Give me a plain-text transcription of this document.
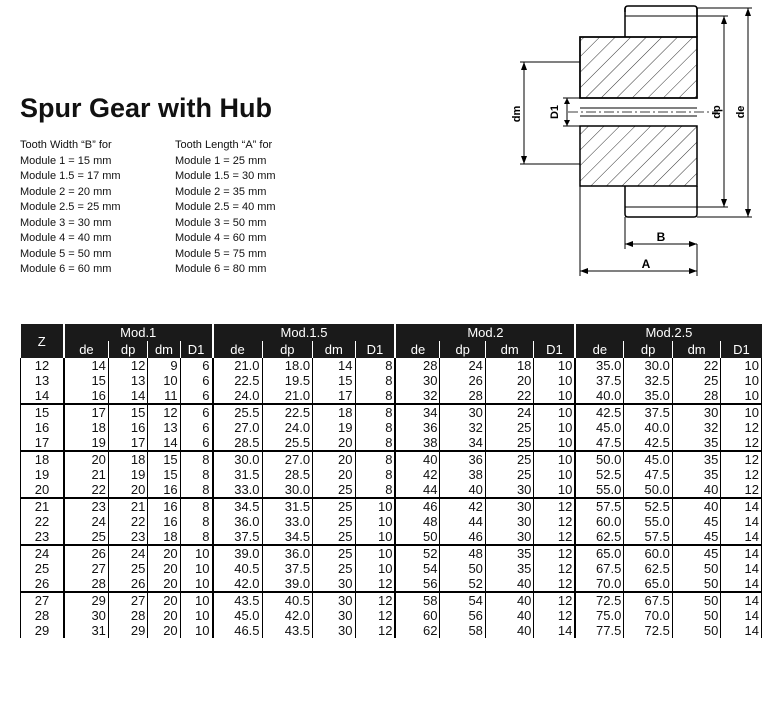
Spur Gear with Hub
Tooth Width “B” for
Module 1 = 15 mm
Module 1.5 = 17 mm
Module 2 = 20 mm
Module 2.5 = 25 mm
Module 3 = 30 mm
Module 4 = 40 mm
Module 5 = 50 mm
Module 6 = 60 mm
Tooth Length “A” for
Module 1 = 25 mm
Module 1.5 = 30 mm
Module 2 = 35 mm
Module 2.5 = 40 mm
Module 3 = 50 mm
Module 4 = 60 mm
Module 5 = 75 mm
Module 6 = 80 mm
dm D1	dp de
B
A
Z	Mod.1				Mod.1.5				Mod.2				Mod.2.5			
	de	dp	dm	D1	de	dp	dm	D1	de	dp	dm	D1	de	dp	dm	D1
12	14	12	9	6	21.0	18.0	14	8	28	24	18	10	35.0	30.0	22	10
13	15	13	10	6	22.5	19.5	15	8	30	26	20	10	37.5	32.5	25	10
14	16	14	11	6	24.0	21.0	17	8	32	28	22	10	40.0	35.0	28	10
15	17	15	12	6	25.5	22.5	18	8	34	30	24	10	42.5	37.5	30	10
16	18	16	13	6	27.0	24.0	19	8	36	32	25	10	45.0	40.0	32	12
17	19	17	14	6	28.5	25.5	20	8	38	34	25	10	47.5	42.5	35	12
18	20	18	15	8	30.0	27.0	20	8	40	36	25	10	50.0	45.0	35	12
19	21	19	15	8	31.5	28.5	20	8	42	38	25	10	52.5	47.5	35	12
20	22	20	16	8	33.0	30.0	25	8	44	40	30	10	55.0	50.0	40	12
21	23	21	16	8	34.5	31.5	25	10	46	42	30	12	57.5	52.5	40	14
22	24	22	16	8	36.0	33.0	25	10	48	44	30	12	60.0	55.0	45	14
23	25	23	18	8	37.5	34.5	25	10	50	46	30	12	62.5	57.5	45	14
24	26	24	20	10	39.0	36.0	25	10	52	48	35	12	65.0	60.0	45	14
25	27	25	20	10	40.5	37.5	25	10	54	50	35	12	67.5	62.5	50	14
26	28	26	20	10	42.0	39.0	30	12	56	52	40	12	70.0	65.0	50	14
27	29	27	20	10	43.5	40.5	30	12	58	54	40	12	72.5	67.5	50	14
28	30	28	20	10	45.0	42.0	30	12	60	56	40	12	75.0	70.0	50	14
29	31	29	20	10	46.5	43.5	30	12	62	58	40	14	77.5	72.5	50	14
